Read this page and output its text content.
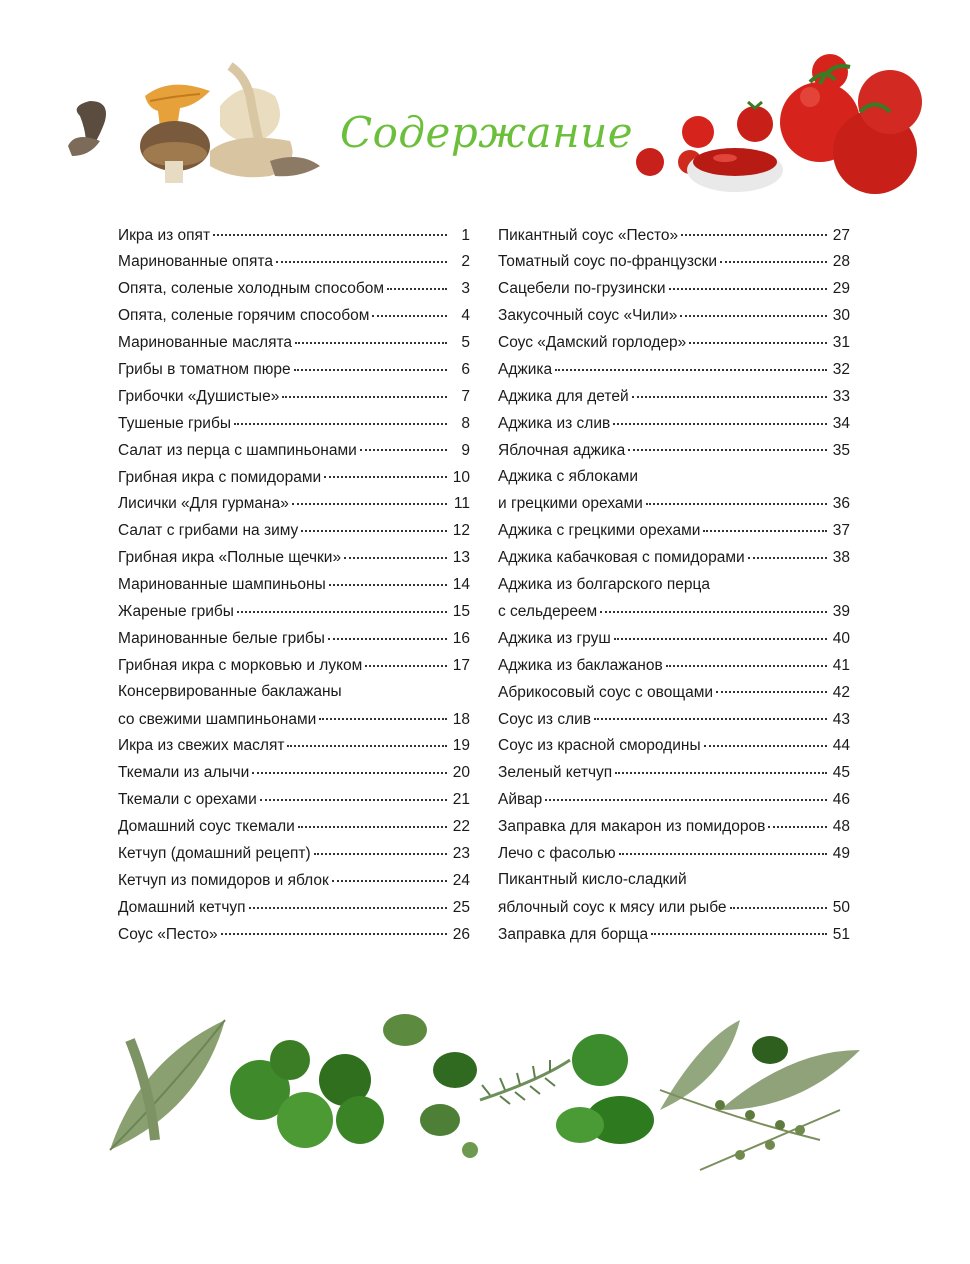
Содержание
Икра из опят	1
Маринованные опята	2
Опята, соленые холодным способом	3
Опята, соленые горячим способом	4
Маринованные маслята	5
Грибы в томатном пюре	6
Грибочки «Душистые»	7
Тушеные грибы	8
Салат из перца с шампиньонами	9
Грибная икра с помидорами	10
Лисички «Для гурмана»	11
Салат с грибами на зиму	12
Грибная икра «Полные щечки»	13
Маринованные шампиньоны	14
Жареные грибы	15
Маринованные белые грибы	16
Грибная икра с морковью и луком	17
Консервированные баклажаны
со свежими шампиньонами	18
Икра из свежих маслят	19
Ткемали из алычи	20
Ткемали с орехами	21
Домашний соус ткемали	22
Кетчуп (домашний рецепт)	23
Кетчуп из помидоров и яблок	24
Домашний кетчуп	25
Соус «Песто»	26
Пикантный соус «Песто»	27
Томатный соус по-французски	28
Сацебели по-грузински	29
Закусочный соус «Чили»	30
Соус «Дамский горлодер»	31
Аджика	32
Аджика для детей	33
Аджика из слив	34
Яблочная аджика	35
Аджика с яблоками
и грецкими орехами	36
Аджика с грецкими орехами	37
Аджика кабачковая с помидорами	38
Аджика из болгарского перца
с сельдереем	39
Аджика из груш	40
Аджика из баклажанов	41
Абрикосовый соус с овощами	42
Соус из слив	43
Соус из красной смородины	44
Зеленый кетчуп	45
Айвар	46
Заправка для макарон из помидоров	48
Лечо с фасолью	49
Пикантный кисло-сладкий
яблочный соус к мясу или рыбе	50
Заправка для борща	51
